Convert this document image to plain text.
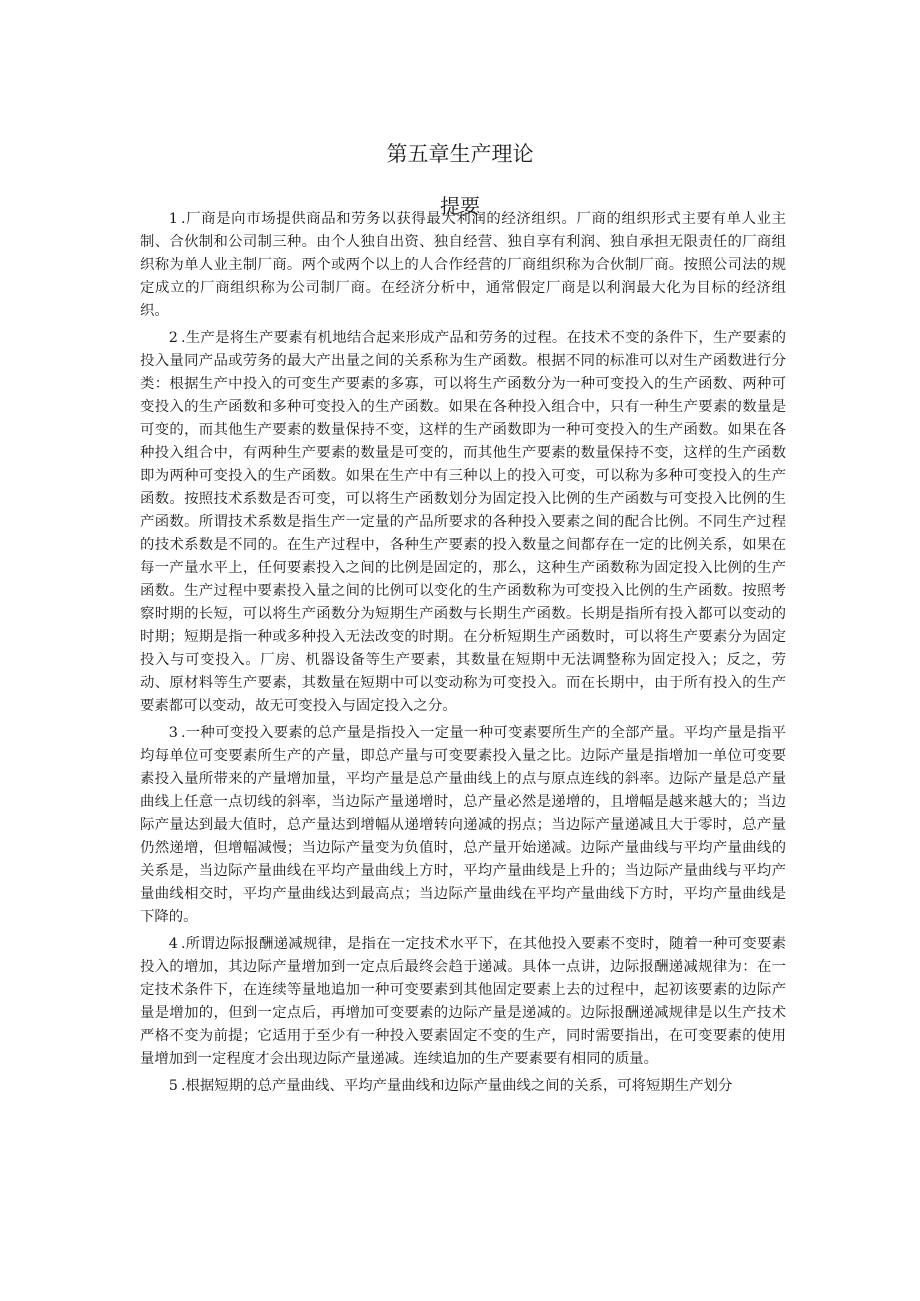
第五章生产理论
提要

1 .厂商是向市场提供商品和劳务以获得最大利润的经济组织。厂商的组织形式主要有单人业主制、合伙制和公司制三种。由个人独自出资、独自经营、独自享有利润、独自承担无限责任的厂商组织称为单人业主制厂商。两个或两个以上的人合作经营的厂商组织称为合伙制厂商。按照公司法的规定成立的厂商组织称为公司制厂商。在经济分析中，通常假定厂商是以利润最大化为目标的经济组织。

2 .生产是将生产要素有机地结合起来形成产品和劳务的过程。在技术不变的条件下，生产要素的投入量同产品或劳务的最大产出量之间的关系称为生产函数。根据不同的标准可以对生产函数进行分类：根据生产中投入的可变生产要素的多寡，可以将生产函数分为一种可变投入的生产函数、两种可变投入的生产函数和多种可变投入的生产函数。如果在各种投入组合中，只有一种生产要素的数量是可变的，而其他生产要素的数量保持不变，这样的生产函数即为一种可变投入的生产函数。如果在各种投入组合中，有两种生产要素的数量是可变的，而其他生产要素的数量保持不变，这样的生产函数即为两种可变投入的生产函数。如果在生产中有三种以上的投入可变，可以称为多种可变投入的生产函数。按照技术系数是否可变，可以将生产函数划分为固定投入比例的生产函数与可变投入比例的生产函数。所谓技术系数是指生产一定量的产品所要求的各种投入要素之间的配合比例。不同生产过程的技术系数是不同的。在生产过程中，各种生产要素的投入数量之间都存在一定的比例关系，如果在每一产量水平上，任何要素投入之间的比例是固定的，那么，这种生产函数称为固定投入比例的生产函数。生产过程中要素投入量之间的比例可以变化的生产函数称为可变投入比例的生产函数。按照考察时期的长短，可以将生产函数分为短期生产函数与长期生产函数。长期是指所有投入都可以变动的时期；短期是指一种或多种投入无法改变的时期。在分析短期生产函数时，可以将生产要素分为固定投入与可变投入。厂房、机器设备等生产要素，其数量在短期中无法调整称为固定投入；反之，劳动、原材料等生产要素，其数量在短期中可以变动称为可变投入。而在长期中，由于所有投入的生产要素都可以变动，故无可变投入与固定投入之分。

3 .一种可变投入要素的总产量是指投入一定量一种可变素要所生产的全部产量。平均产量是指平均每单位可变要素所生产的产量，即总产量与可变要素投入量之比。边际产量是指增加一单位可变要素投入量所带来的产量增加量，平均产量是总产量曲线上的点与原点连线的斜率。边际产量是总产量曲线上任意一点切线的斜率，当边际产量递增时，总产量必然是递增的，且增幅是越来越大的；当边际产量达到最大值时，总产量达到增幅从递增转向递减的拐点；当边际产量递减且大于零时，总产量仍然递增，但增幅减慢；当边际产量变为负值时，总产量开始递减。边际产量曲线与平均产量曲线的关系是，当边际产量曲线在平均产量曲线上方时，平均产量曲线是上升的；当边际产量曲线与平均产量曲线相交时，平均产量曲线达到最高点；当边际产量曲线在平均产量曲线下方时，平均产量曲线是下降的。

4 .所谓边际报酬递减规律，是指在一定技术水平下，在其他投入要素不变时，随着一种可变要素投入的增加，其边际产量增加到一定点后最终会趋于递减。具体一点讲，边际报酬递减规律为：在一定技术条件下，在连续等量地追加一种可变要素到其他固定要素上去的过程中，起初该要素的边际产量是增加的，但到一定点后，再增加可变要素的边际产量是递减的。边际报酬递减规律是以生产技术严格不变为前提；它适用于至少有一种投入要素固定不变的生产，同时需要指出，在可变要素的使用量增加到一定程度才会出现边际产量递减。连续追加的生产要素要有相同的质量。

5 .根据短期的总产量曲线、平均产量曲线和边际产量曲线之间的关系，可将短期生产划分
